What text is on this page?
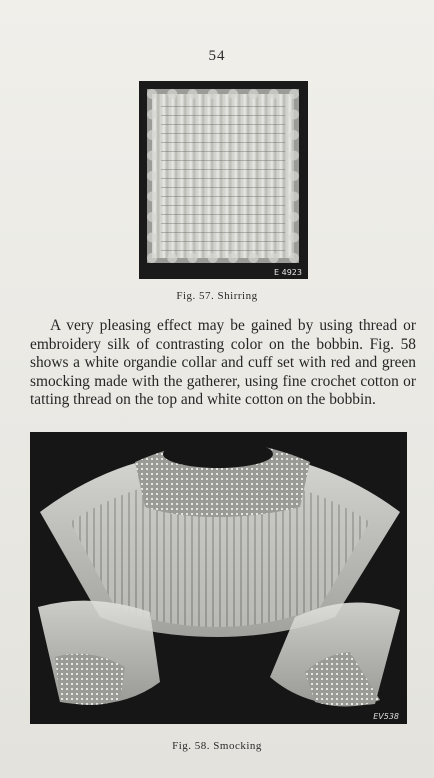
54
E 4923
Fig. 57. Shirring
A very pleasing effect may be gained by using thread or embroidery silk of contrasting color on the bobbin. Fig. 58 shows a white organdie collar and cuff set with red and green smocking made with the gatherer, using fine crochet cotton or tatting thread on the top and white cotton on the bobbin.
EV538
Fig. 58. Smocking
